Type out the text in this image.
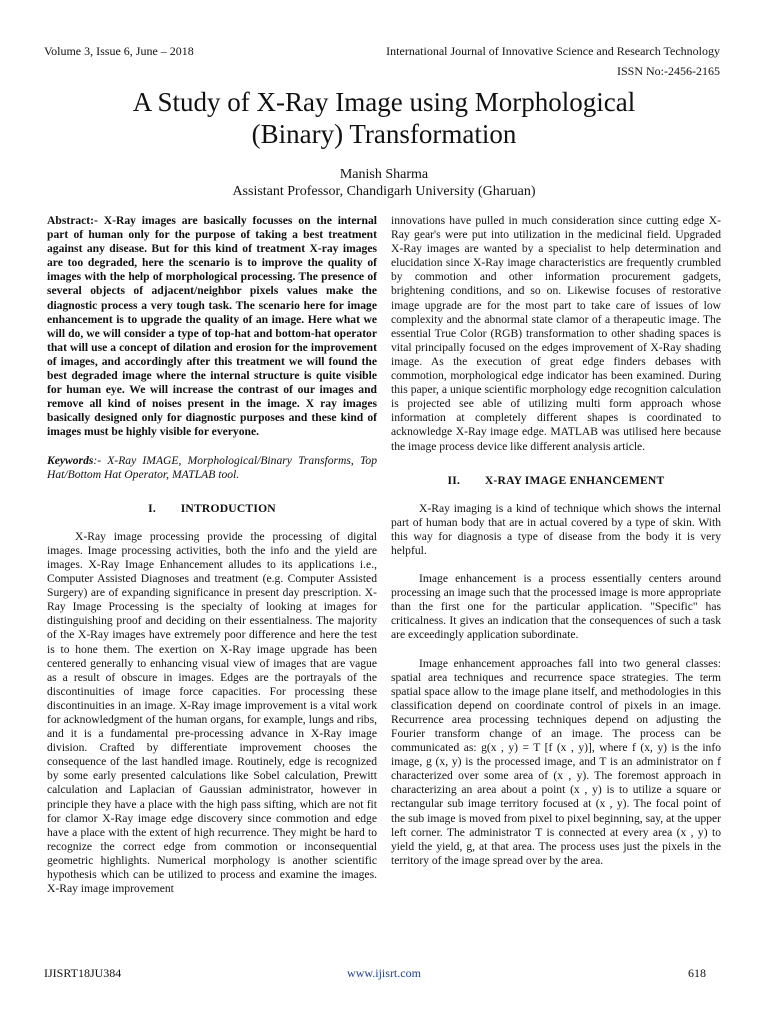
Volume 3, Issue 6, June – 2018	International Journal of Innovative Science and Research Technology
ISSN No:-2456-2165
A Study of X-Ray Image using Morphological
(Binary) Transformation
Manish Sharma
Assistant Professor, Chandigarh University (Gharuan)

Abstract:- X-Ray images are basically focusses on the internal part of human only for the purpose of taking a best treatment against any disease. But for this kind of treatment X-ray images are too degraded, here the scenario is to improve the quality of images with the help of morphological processing. The presence of several objects of adjacent/neighbor pixels values make the diagnostic process a very tough task. The scenario here for image enhancement is to upgrade the quality of an image. Here what we will do, we will consider a type of top-hat and bottom-hat operator that will use a concept of dilation and erosion for the improvement of images, and accordingly after this treatment we will found the best degraded image where the internal structure is quite visible for human eye. We will increase the contrast of our images and remove all kind of noises present in the image. X ray images basically designed only for diagnostic purposes and these kind of images must be highly visible for everyone.

Keywords:- X-Ray IMAGE, Morphological/Binary Transforms, Top Hat/Bottom Hat Operator, MATLAB tool.

I.        INTRODUCTION

X-Ray image processing provide the processing of digital images. Image processing activities, both the info and the yield are images. X-Ray Image Enhancement alludes to its applications i.e., Computer Assisted Diagnoses and treatment (e.g. Computer Assisted Surgery) are of expanding significance in present day prescription. X-Ray Image Processing is the specialty of looking at images for distinguishing proof and deciding on their essentialness. The majority of the X-Ray images have extremely poor difference and here the test is to hone them. The exertion on X-Ray image upgrade has been centered generally to enhancing visual view of images that are vague as a result of obscure in images. Edges are the portrayals of the discontinuities of image force capacities. For processing these discontinuities in an image. X-Ray image improvement is a vital work for acknowledgment of the human organs, for example, lungs and ribs, and it is a fundamental pre-processing advance in X-Ray image division. Crafted by differentiate improvement chooses the consequence of the last handled image. Routinely, edge is recognized by some early presented calculations like Sobel calculation, Prewitt calculation and Laplacian of Gaussian administrator, however in principle they have a place with the high pass sifting, which are not fit for clamor X-Ray image edge discovery since commotion and edge have a place with the extent of high recurrence. They might be hard to recognize the correct edge from commotion or inconsequential geometric highlights. Numerical morphology is another scientific hypothesis which can be utilized to process and examine the images. X-Ray image improvement

innovations have pulled in much consideration since cutting edge X-Ray gear's were put into utilization in the medicinal field. Upgraded X-Ray images are wanted by a specialist to help determination and elucidation since X-Ray image characteristics are frequently crumbled by commotion and other information procurement gadgets, brightening conditions, and so on. Likewise focuses of restorative image upgrade are for the most part to take care of issues of low complexity and the abnormal state clamor of a therapeutic image. The essential True Color (RGB) transformation to other shading spaces is vital principally focused on the edges improvement of X-Ray shading image. As the execution of great edge finders debases with commotion, morphological edge indicator has been examined. During this paper, a unique scientific morphology edge recognition calculation is projected see able of utilizing multi form approach whose information at completely different shapes is coordinated to acknowledge X-Ray image edge. MATLAB was utilised here because the image process device like different analysis article.

II.        X-RAY IMAGE ENHANCEMENT

X-Ray imaging is a kind of technique which shows the internal part of human body that are in actual covered by a type of skin. With this way for diagnosis a type of disease from the body it is very helpful.

Image enhancement is a process essentially centers around processing an image such that the processed image is more appropriate than the first one for the particular application. "Specific" has criticalness. It gives an indication that the consequences of such a task are exceedingly application subordinate.

Image enhancement approaches fall into two general classes: spatial area techniques and recurrence space strategies. The term spatial space allow to the image plane itself, and methodologies in this classification depend on coordinate control of pixels in an image. Recurrence area processing techniques depend on adjusting the Fourier transform change of an image. The process can be communicated as: g(x , y) = T [f (x , y)], where f (x, y) is the info image, g (x, y) is the processed image, and T is an administrator on f characterized over some area of (x , y). The foremost approach in characterizing an area about a point (x , y) is to utilize a square or rectangular sub image territory focused at (x , y). The focal point of the sub image is moved from pixel to pixel beginning, say, at the upper left corner. The administrator T is connected at every area (x , y) to yield the yield, g, at that area. The process uses just the pixels in the territory of the image spread over by the area.

IJISRT18JU384	www.ijisrt.com	618
